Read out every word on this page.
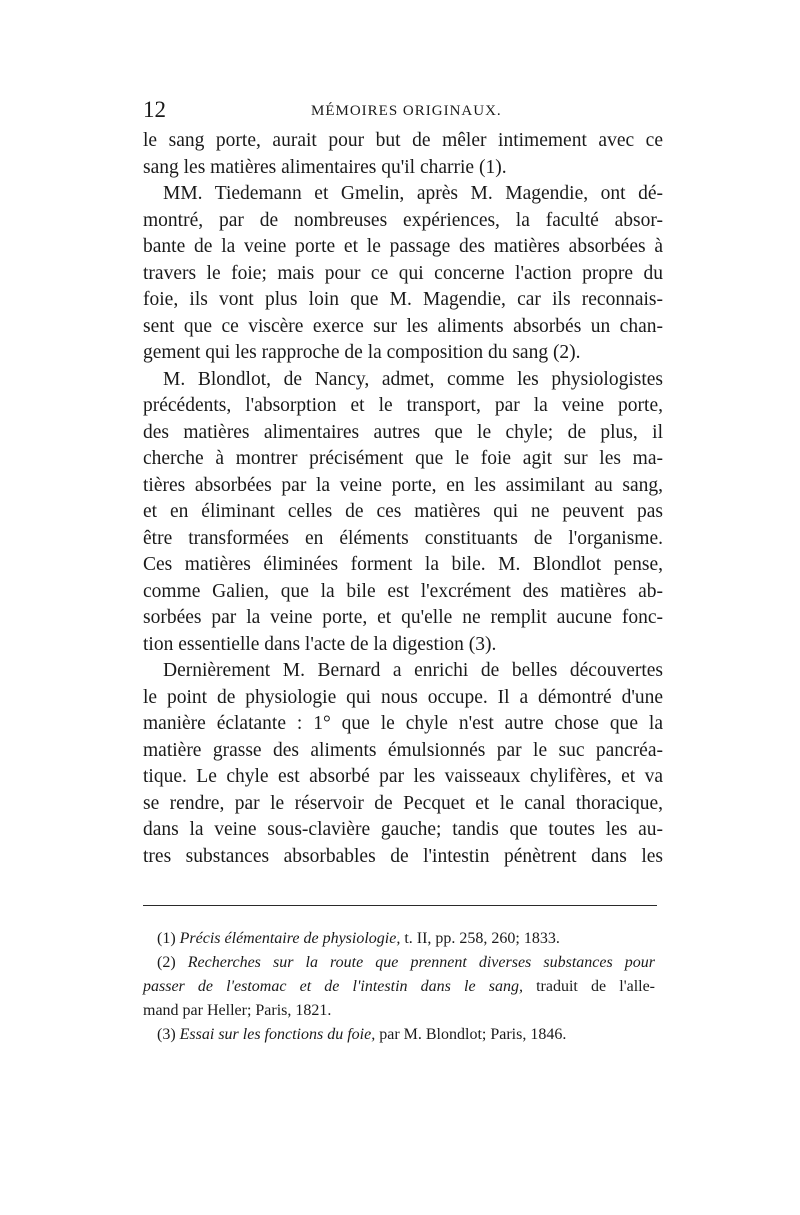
12	MÉMOIRES ORIGINAUX.
le sang porte, aurait pour but de mêler intimement avec ce
sang les matières alimentaires qu'il charrie (1).
MM. Tiedemann et Gmelin, après M. Magendie, ont dé-
montré, par de nombreuses expériences, la faculté absor-
bante de la veine porte et le passage des matières absorbées à
travers le foie; mais pour ce qui concerne l'action propre du
foie, ils vont plus loin que M. Magendie, car ils reconnais-
sent que ce viscère exerce sur les aliments absorbés un chan-
gement qui les rapproche de la composition du sang (2).
M. Blondlot, de Nancy, admet, comme les physiologistes
précédents, l'absorption et le transport, par la veine porte,
des matières alimentaires autres que le chyle; de plus, il
cherche à montrer précisément que le foie agit sur les ma-
tières absorbées par la veine porte, en les assimilant au sang,
et en éliminant celles de ces matières qui ne peuvent pas
être transformées en éléments constituants de l'organisme.
Ces matières éliminées forment la bile. M. Blondlot pense,
comme Galien, que la bile est l'excrément des matières ab-
sorbées par la veine porte, et qu'elle ne remplit aucune fonc-
tion essentielle dans l'acte de la digestion (3).
Dernièrement M. Bernard a enrichi de belles découvertes
le point de physiologie qui nous occupe. Il a démontré d'une
manière éclatante : 1° que le chyle n'est autre chose que la
matière grasse des aliments émulsionnés par le suc pancréa-
tique. Le chyle est absorbé par les vaisseaux chylifères, et va
se rendre, par le réservoir de Pecquet et le canal thoracique,
dans la veine sous-clavière gauche; tandis que toutes les au-
tres substances absorbables de l'intestin pénètrent dans les
(1) Précis élémentaire de physiologie, t. II, pp. 258, 260; 1833.
(2) Recherches sur la route que prennent diverses substances pour
passer de l'estomac et de l'intestin dans le sang, traduit de l'alle-
mand par Heller; Paris, 1821.
(3) Essai sur les fonctions du foie, par M. Blondlot; Paris, 1846.
